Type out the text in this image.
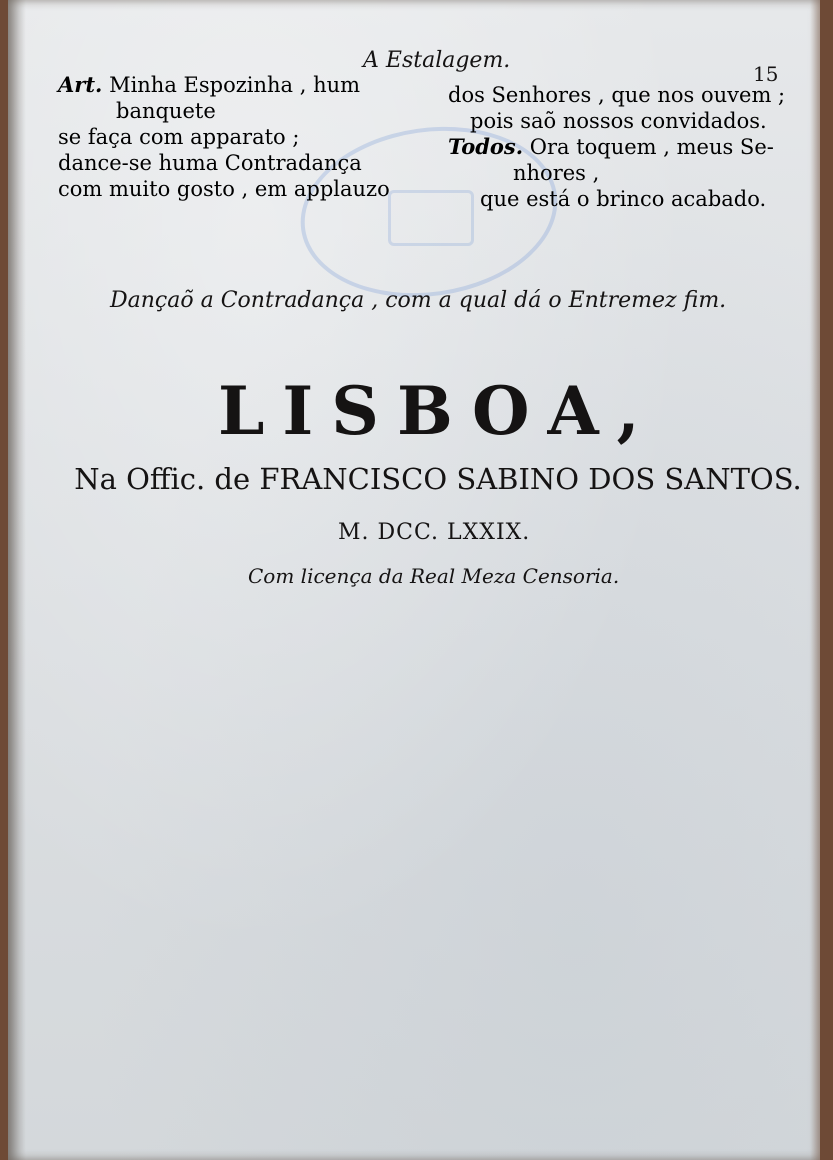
A Estalagem.
15
Art. Minha Espozinha , hum
banquete
se faça com apparato ;
dance-se huma Contradança
com muito gosto , em applauzo
dos Senhores , que nos ouvem ;
pois saõ nossos convidados.
Todos. Ora toquem , meus Se-
nhores ,
que está o brinco acabado.
Dançaõ a Contradança , com a qual dá o Entremez fim.
LISBOA,
Na Offic. de FRANCISCO SABINO DOS SANTOS.
M. DCC. LXXIX.
Com licença da Real Meza Censoria.
